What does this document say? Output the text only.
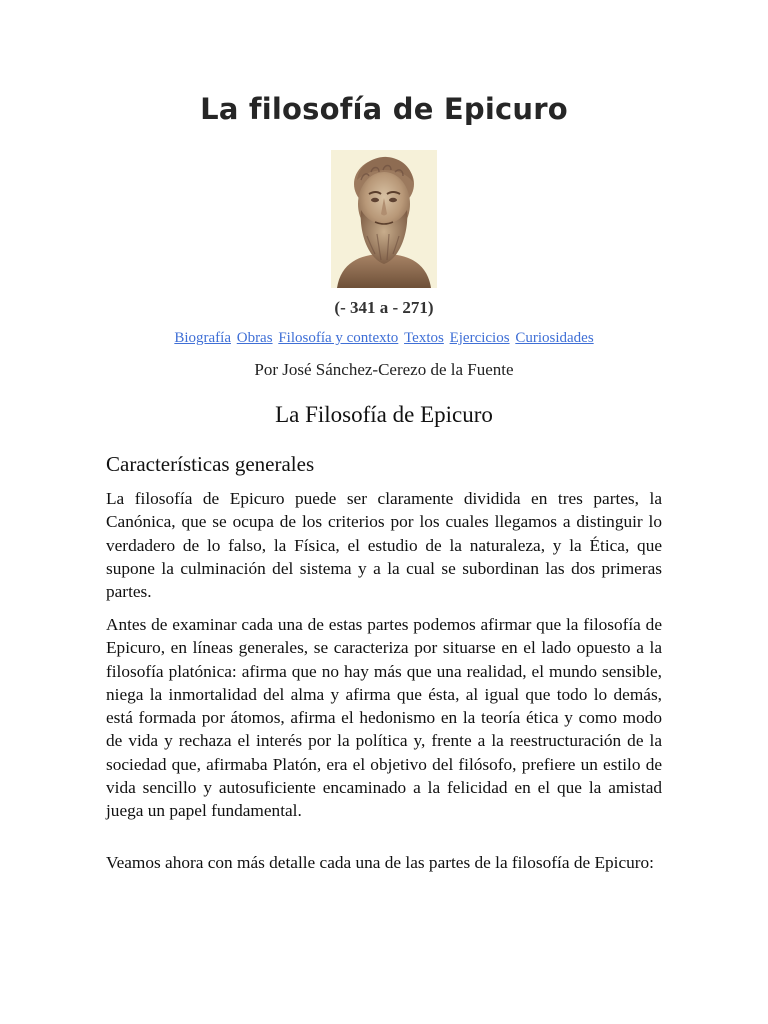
La filosofía de Epicuro
(- 341 a - 271)
Biografía Obras Filosofía y contexto Textos Ejercicios Curiosidades
Por José Sánchez-Cerezo de la Fuente
La Filosofía de Epicuro
Características generales

La filosofía de Epicuro puede ser claramente dividida en tres partes, la Canónica, que se ocupa de los criterios por los cuales llegamos a distinguir lo verdadero de lo falso, la Física, el estudio de la naturaleza, y la Ética, que supone la culminación del sistema y a la cual se subordinan las dos primeras partes.

Antes de examinar cada una de estas partes podemos afirmar que la filosofía de Epicuro, en líneas generales, se caracteriza por situarse en el lado opuesto a la filosofía platónica: afirma que no hay más que una realidad, el mundo sensible, niega la inmortalidad del alma y afirma que ésta, al igual que todo lo demás, está formada por átomos, afirma el hedonismo en la teoría ética y como modo de vida y rechaza el interés por la política y, frente a la reestructuración de la sociedad que, afirmaba Platón, era el objetivo del filósofo, prefiere un estilo de vida sencillo y autosuficiente encaminado a la felicidad en el que la amistad juega un papel fundamental.

Veamos ahora con más detalle cada una de las partes de la filosofía de Epicuro:
